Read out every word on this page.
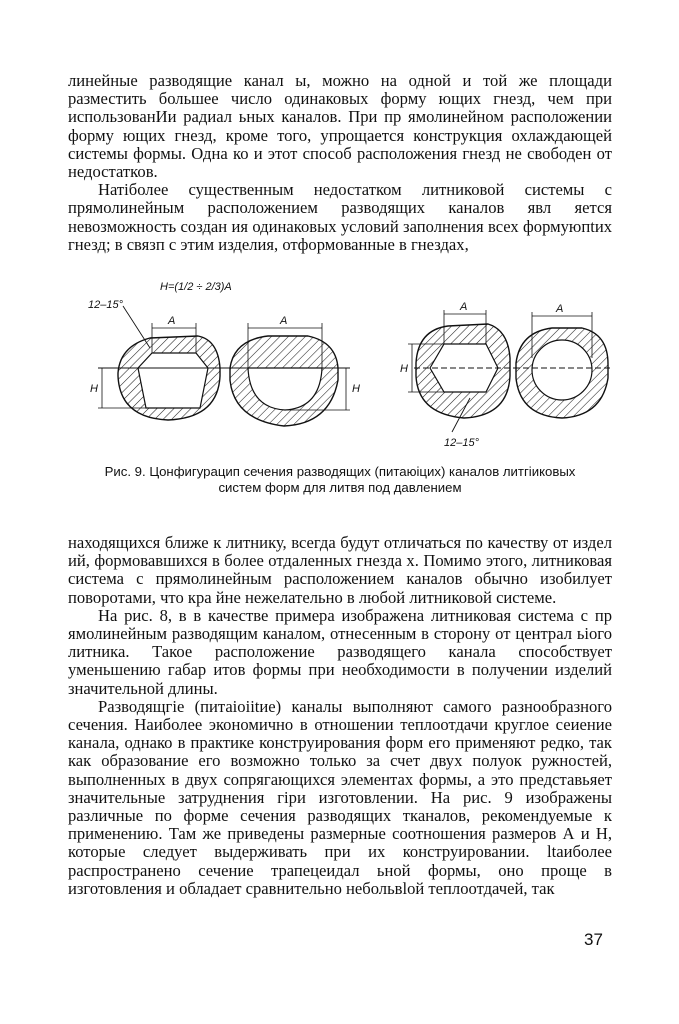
линейные разводящие канал ы, можно на одной и той же площади разместить большее число одинаковых форму ющих гнезд, чем при использованИи радиал ьных каналов. При пр ямолинейном расположении форму ющих гнезд, кроме того, упрощается конструкция охлаждающей системы формы. Одна ко и этот способ расположения гнезд не свободен от недостатков.

Натiболее существенным недостатком литниковой системы с прямолинейным расположением разводящих каналов явл яется невозможность создан ия одинаковых условий заполнения всех формуюпtих гнезд; в связп с этим изделия, отформованные в гнездах,

H=(1/2 ÷ 2/3)A
12–15°
H
A
H
A
H
A
12–15°
A
Рис. 9. Цонфигурацип сечения разводящих (питаюiцих) каналов литгiиковых
систем форм для литвя под давлением

находящихся ближе к литнику, всегда будут отличаться по качеству от издел ий, формовавшихся в более отдаленных гнезда х. Помимо этого, литниковая система с прямолинейным расположением каналов обычно изобилует поворотами, что кра йне нежелательно в любой литниковой системе.

На рис. 8, в в качестве примера изображена литниковая система с пр ямолинейным разводящим каналом, отнесенным в сторону от централ ьiого литника. Такое расположение разводящего канала способствует уменьшению габар итов формы при необходимости в получении изделий значительной длины.

Разводящгiе (питаiоiitие) каналы выполняют самого разнообразного сечения. Наиболее экономично в отношении теплоотдачи круглое сеиение канала, однако в практике конструирования форм его применяют редко, так как образование его возможно только за счет двух полуок ружностей, выполненных в двух сопрягающихся элементах формы, а это представьяет значительные затруднения гiри изготовлении. На рис. 9 изображены различные по форме сечения разводящих тканалов, рекомендуемые к применению. Там же приведены размерные соотношения размеров А и Н, которые следует выдерживать при их конструировании. ltаиболее распространено сечение трапецеидал ьной формы, оно прощe в изготовления и обладает сравнительно небольвlой теплоотдачей, так

37
